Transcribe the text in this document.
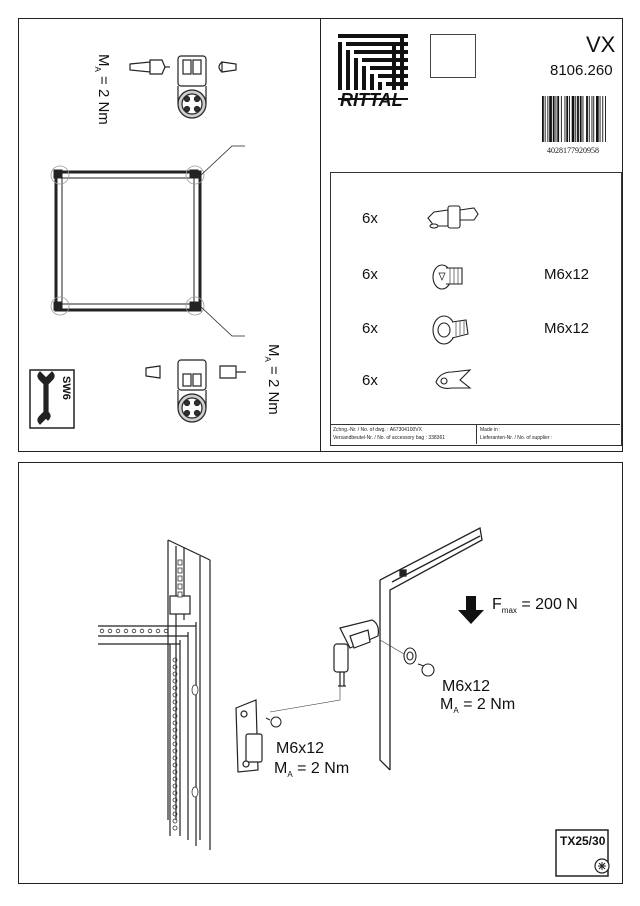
$M_A = 2$ Nm
SW6
$M_A = 2$ Nm
RITTAL
VX
8106.260
4028177920958
6x
6x	M6x12
6x	M6x12
6x
Zchng.-Nr. / No. of dwg. : A67304100VX
Versandbeutel-Nr. / No. of accessory bag : 338361
Made in :
Lieferanten-Nr. / No. of supplier :
$F_{max} = 200$ N
M6x12
$M_A = 2$ Nm
M6x12
$M_A = 2$ Nm
TX25/30
